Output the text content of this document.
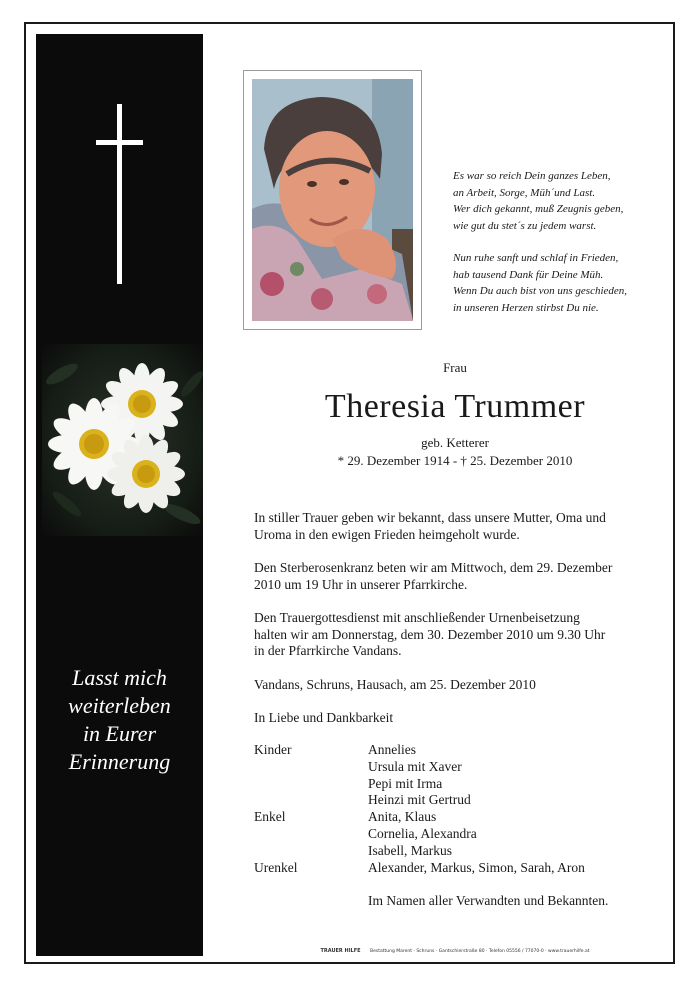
Lasst mich
weiterleben
in Eurer
Erinnerung
Es war so reich Dein ganzes Leben,
an Arbeit, Sorge, Müh´und Last.
Wer dich gekannt, muß Zeugnis geben,
wie gut du stet´s zu jedem warst.
Nun ruhe sanft und schlaf in Frieden,
hab tausend Dank für Deine Müh.
Wenn Du auch bist von uns geschieden,
in unseren Herzen stirbst Du nie.
Frau
Theresia Trummer
geb. Ketterer
* 29. Dezember 1914 - † 25. Dezember 2010
In stiller Trauer geben wir bekannt, dass unsere Mutter, Oma und
Uroma in den ewigen Frieden heimgeholt wurde.
Den Sterberosenkranz beten wir am Mittwoch, dem 29. Dezember
2010 um 19 Uhr in unserer Pfarrkirche.
Den Trauergottesdienst mit anschließender Urnenbeisetzung
halten wir am Donnerstag, dem 30. Dezember 2010 um 9.30 Uhr
in der Pfarrkirche Vandans.
Vandans, Schruns, Hausach, am 25. Dezember 2010
In Liebe und Dankbarkeit
Kinder	Annelies
Ursula mit Xaver
Pepi mit Irma
Heinzi mit Gertrud
Enkel	Anita, Klaus
Cornelia, Alexandra
Isabell, Markus
Urenkel	Alexander, Markus, Simon, Sarah, Aron
Im Namen aller Verwandten und Bekannten.
TRAUER HILFE Bestattung Marent · Schruns · Gantschierstraße 80 · Telefon 05556 / 77070-0 · www.trauerhilfe.at
